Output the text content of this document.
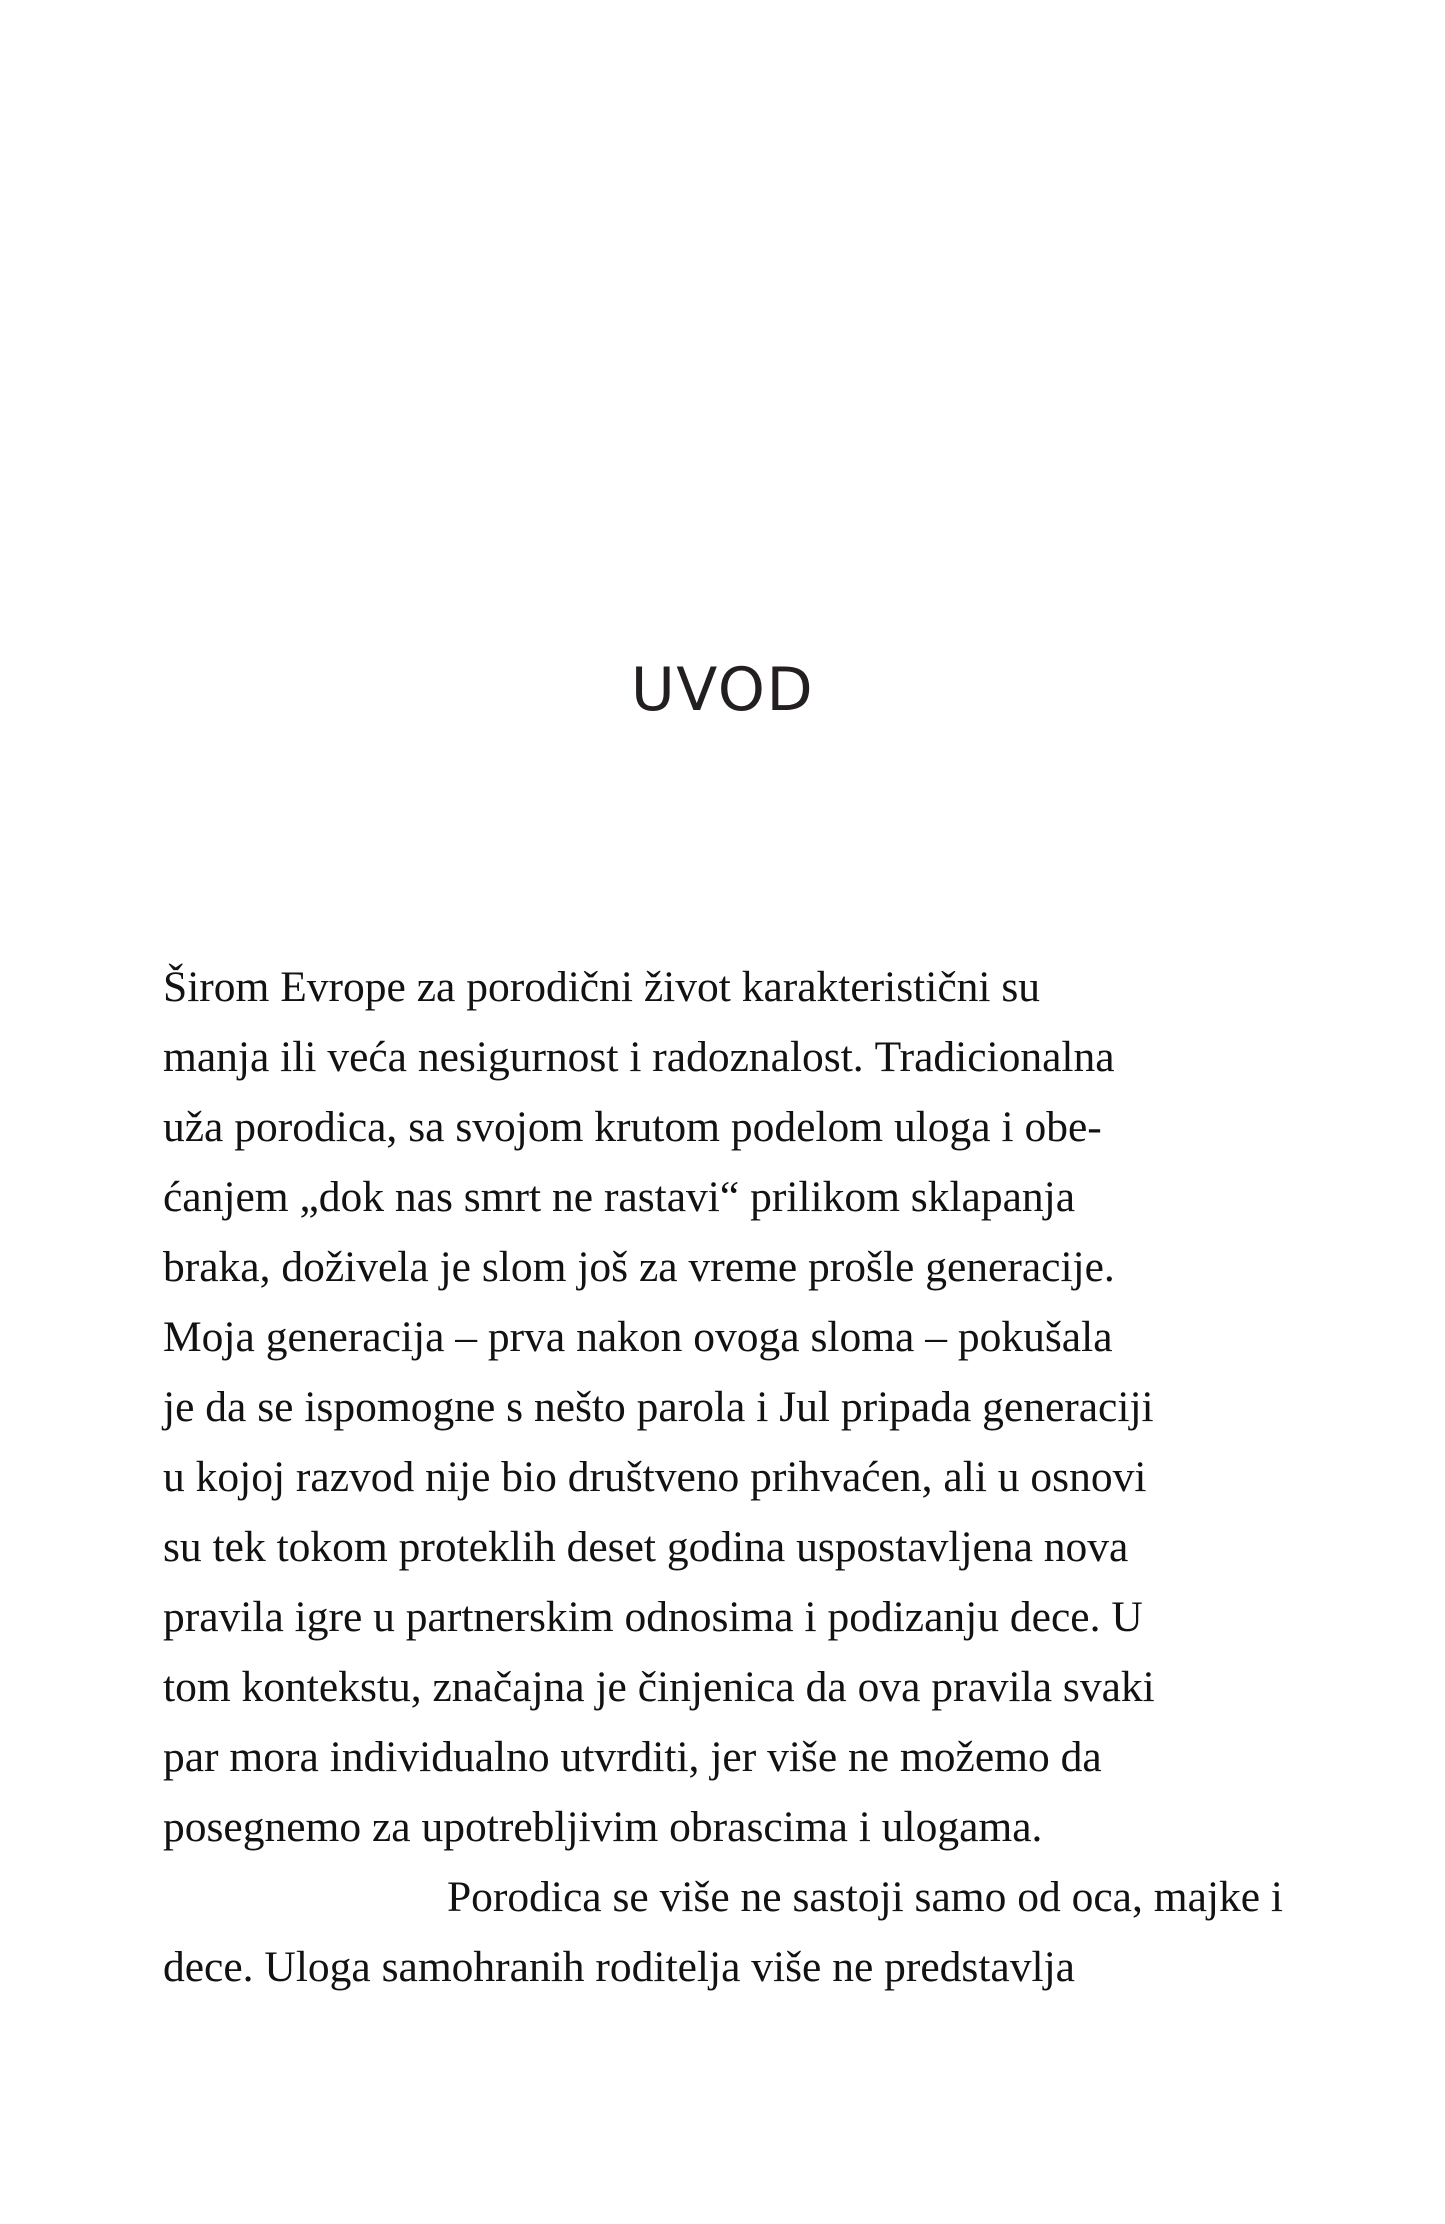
UVOD

Širom Evrope za porodični život karakteristični su
manja ili veća nesigurnost i radoznalost. Tradicionalna
uža porodica, sa svojom krutom podelom uloga i obe-
ćanjem „dok nas smrt ne rastavi“ prilikom sklapanja
braka, doživela je slom još za vreme prošle generacije.
Moja generacija – prva nakon ovoga sloma – pokušala
je da se ispomogne s nešto parola i Jul pripada generaciji
u kojoj razvod nije bio društveno prihvaćen, ali u osnovi
su tek tokom proteklih deset godina uspostavljena nova
pravila igre u partnerskim odnosima i podizanju dece. U
tom kontekstu, značajna je činjenica da ova pravila svaki
par mora individualno utvrditi, jer više ne možemo da
posegnemo za upotrebljivim obrascima i ulogama.

Porodica se više ne sastoji samo od oca, majke i
dece. Uloga samohranih roditelja više ne predstavlja
